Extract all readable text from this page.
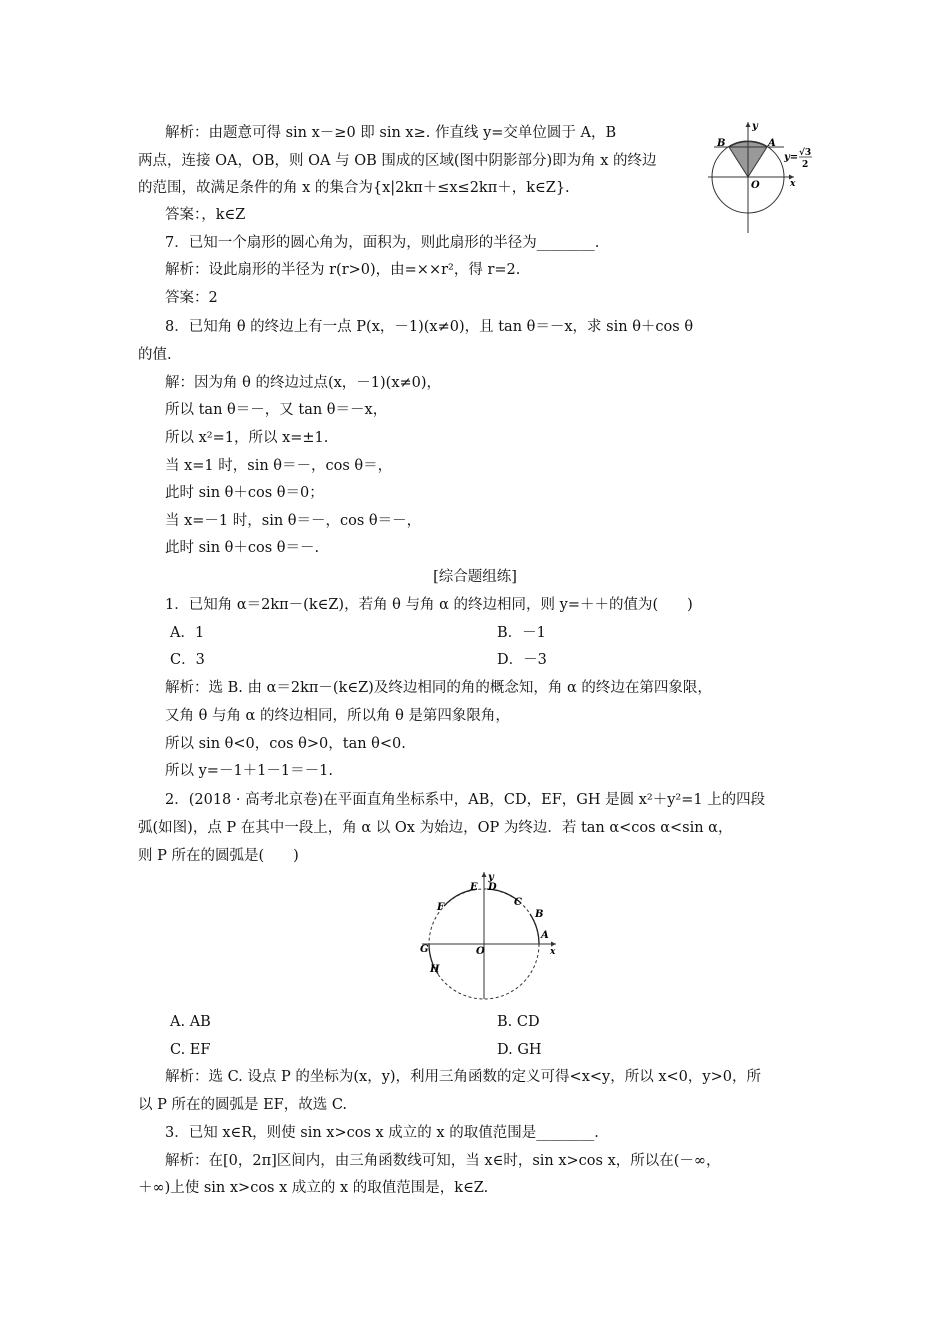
y
B	A
O	x
y= √3
2
解析：由题意可得 sin x－≥0 即 sin x≥. 作直线 y=交单位圆于 A，B
两点，连接 OA，OB，则 OA 与 OB 围成的区域(图中阴影部分)即为角 x 的终边
的范围，故满足条件的角 x 的集合为{x|2kπ＋≤x≤2kπ＋，k∈Z}.
答案：，k∈Z
7．已知一个扇形的圆心角为，面积为，则此扇形的半径为________.
解析：设此扇形的半径为 r(r>0)，由=××r²，得 r=2.
答案：2
8．已知角 θ 的终边上有一点 P(x，－1)(x≠0)，且 tan θ＝－x，求 sin θ＋cos θ
的值.
解：因为角 θ 的终边过点(x，－1)(x≠0)，
所以 tan θ＝－，又 tan θ＝－x，
所以 x²=1，所以 x=±1.
当 x=1 时，sin θ＝－，cos θ＝，
此时 sin θ＋cos θ＝0；
当 x=－1 时，sin θ＝－，cos θ＝－，
此时 sin θ＋cos θ＝－.
[综合题组练]
1．已知角 α＝2kπ－(k∈Z)，若角 θ 与角 α 的终边相同，则 y=＋＋的值为(　　)
A．1	B．－1
C．3	D．－3
解析：选 B. 由 α＝2kπ－(k∈Z)及终边相同的角的概念知，角 α 的终边在第四象限，
又角 θ 与角 α 的终边相同，所以角 θ 是第四象限角，
所以 sin θ<0，cos θ>0，tan θ<0.
所以 y=－1＋1－1＝－1.
2．(2018 · 高考北京卷)在平面直角坐标系中，AB，CD，EF，GH 是圆 x²＋y²=1 上的四段
弧(如图)，点 P 在其中一段上，角 α 以 Ox 为始边，OP 为终边．若 tan α<cos α<sin α，
则 P 所在的圆弧是(　　)
y
E D
C
F
B
G	O
A
x
H
A. AB	B. CD
C. EF	D. GH
解析：选 C. 设点 P 的坐标为(x，y)，利用三角函数的定义可得<x<y，所以 x<0，y>0，所
以 P 所在的圆弧是 EF，故选 C.
3．已知 x∈R，则使 sin x>cos x 成立的 x 的取值范围是________.
解析：在[0，2π]区间内，由三角函数线可知，当 x∈时，sin x>cos x，所以在(－∞，
＋∞)上使 sin x>cos x 成立的 x 的取值范围是，k∈Z.
